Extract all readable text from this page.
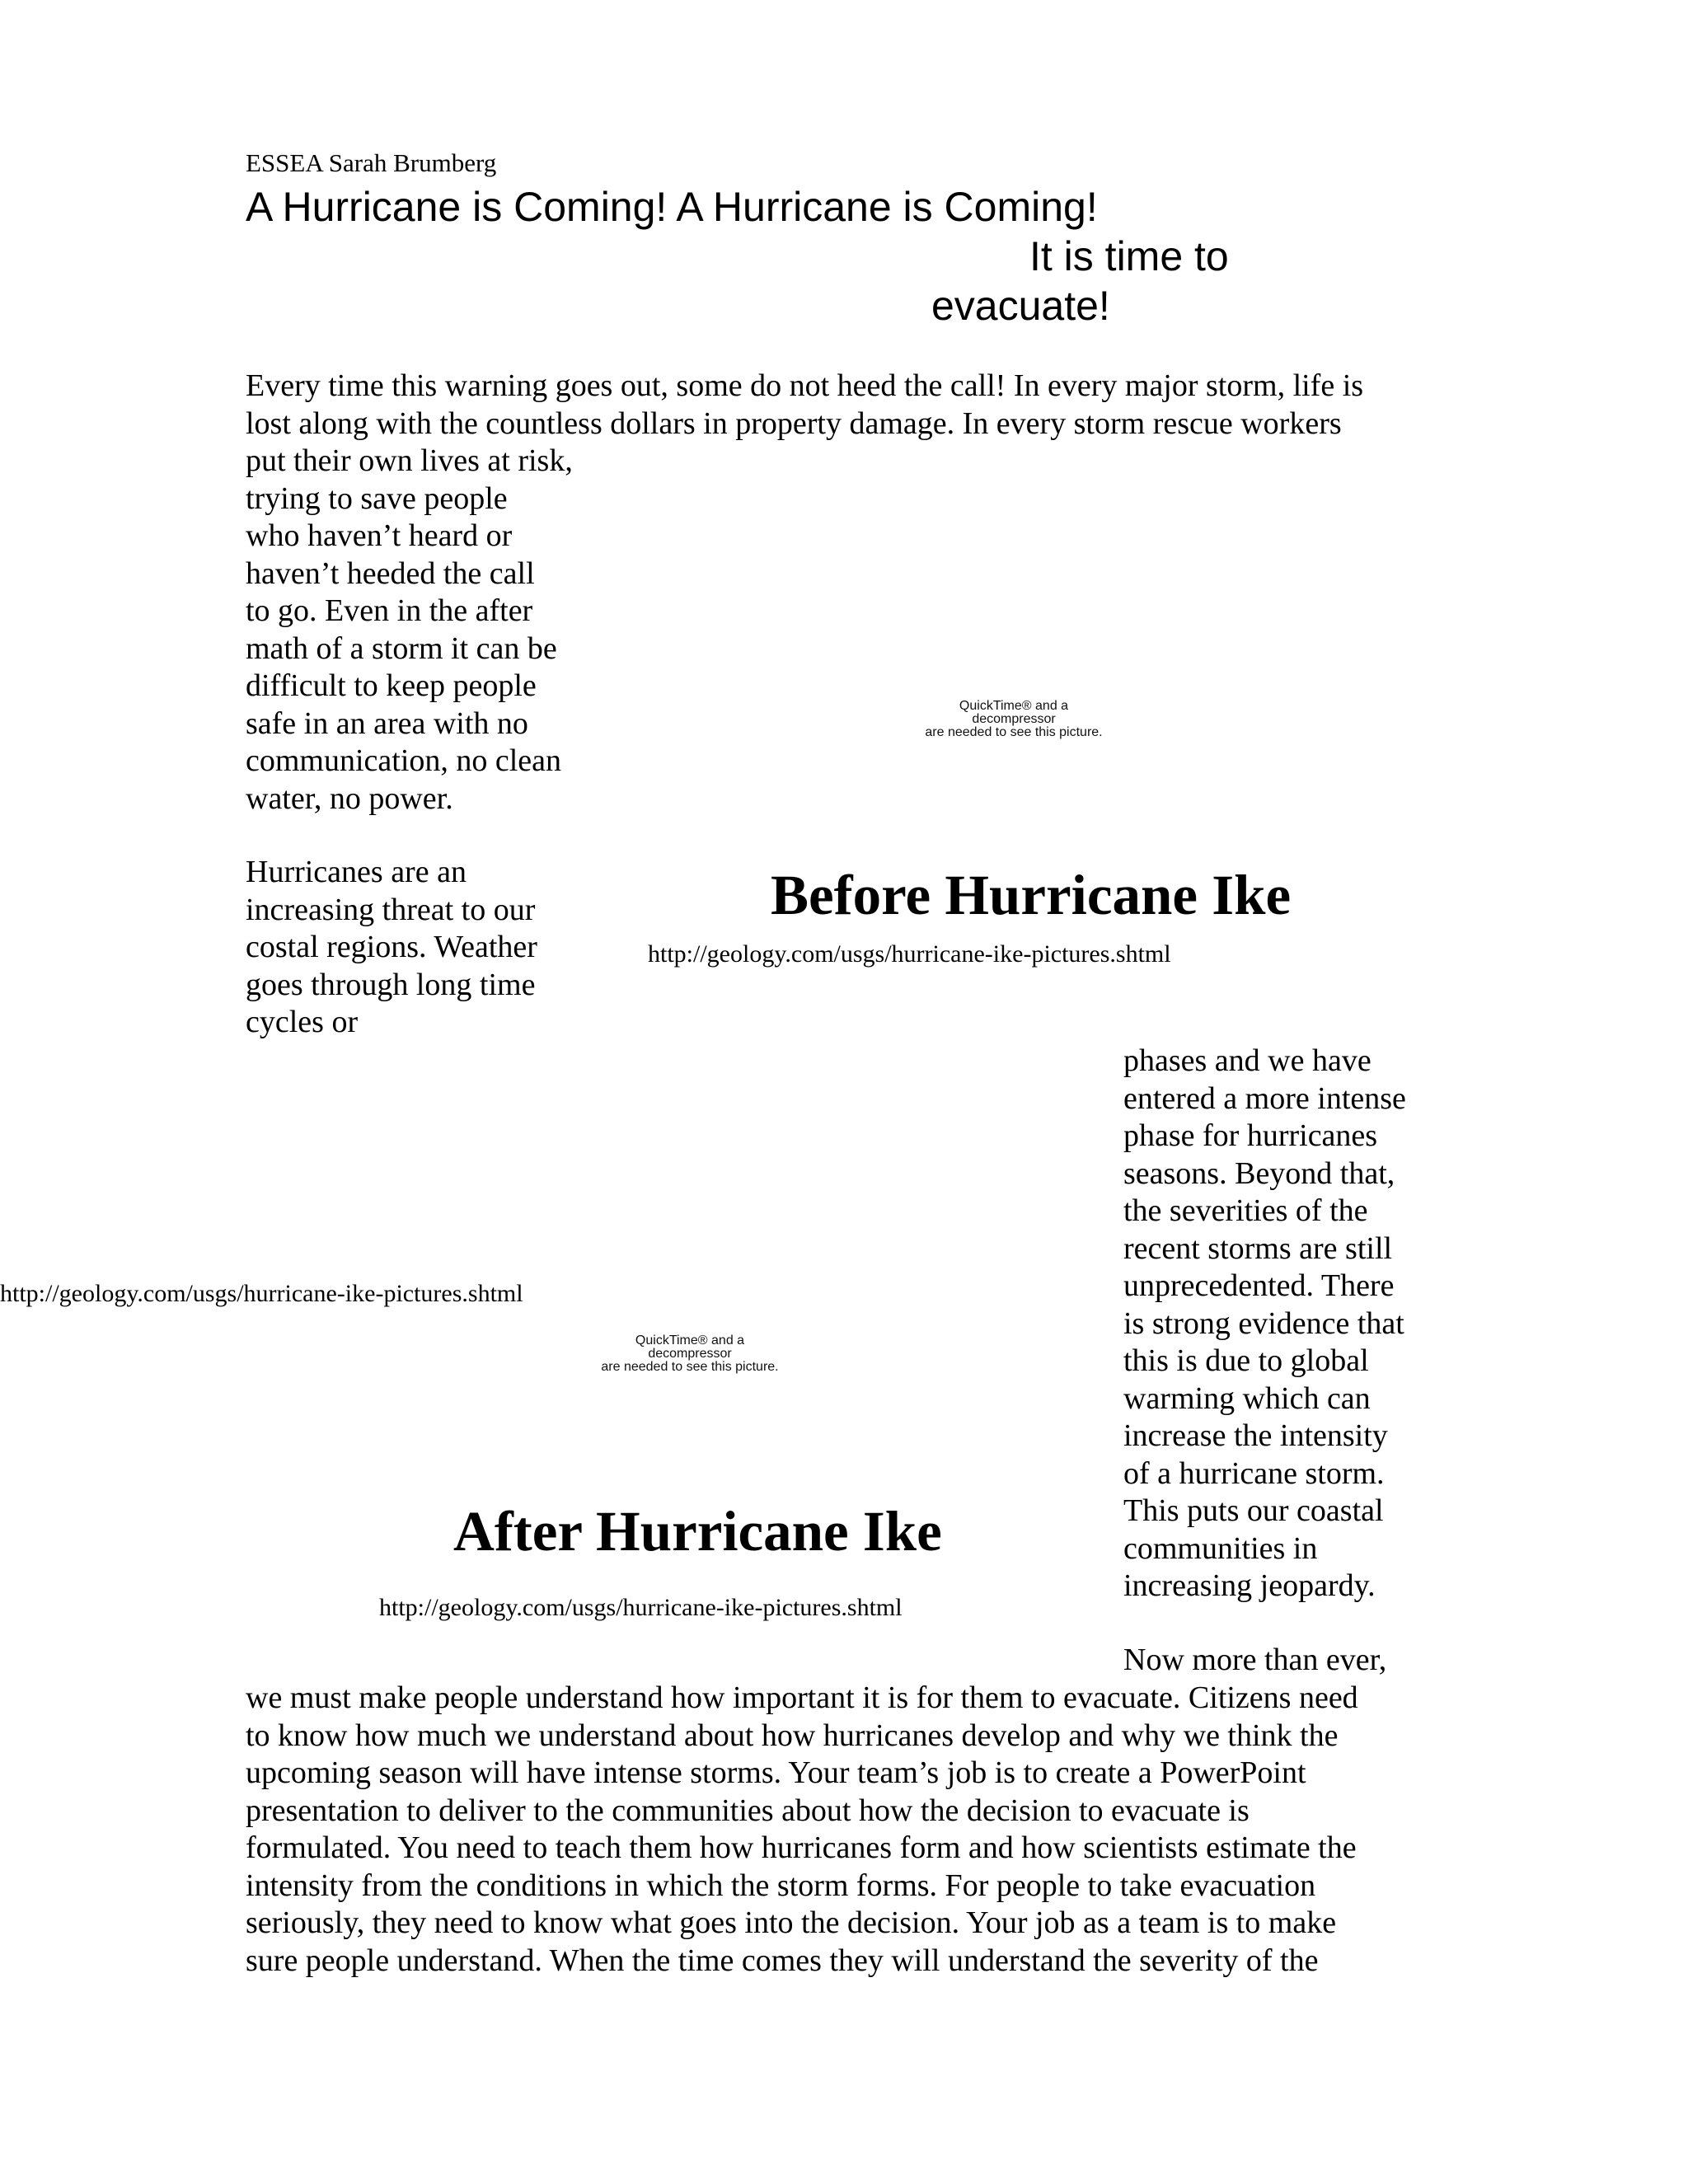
ESSEA Sarah Brumberg
A Hurricane is Coming! A Hurricane is Coming!
It is time to
evacuate!
Every time this warning goes out, some do not heed the call! In every major storm, life is
lost along with the countless dollars in property damage. In every storm rescue workers
put their own lives at risk,
trying to save people
who haven’t heard or
haven’t heeded the call
to go. Even in the after
math of a storm it can be
difficult to keep people
safe in an area with no
communication, no clean
water, no power.
Hurricanes are an
increasing threat to our
costal regions. Weather
goes through long time
cycles or
QuickTime® and a
decompressor
are needed to see this picture.
Before Hurricane Ike
http://geology.com/usgs/hurricane-ike-pictures.shtml
phases and we have
entered a more intense
phase for hurricanes
seasons. Beyond that,
the severities of the
recent storms are still
unprecedented. There
is strong evidence that
this is due to global
warming which can
increase the intensity
of a hurricane storm.
This puts our coastal
communities in
increasing jeopardy.
http://geology.com/usgs/hurricane-ike-pictures.shtml
QuickTime® and a
decompressor
are needed to see this picture.
After Hurricane Ike
http://geology.com/usgs/hurricane-ike-pictures.shtml
Now more than ever,
we must make people understand how important it is for them to evacuate. Citizens need
to know how much we understand about how hurricanes develop and why we think the
upcoming season will have intense storms. Your team’s job is to create a PowerPoint
presentation to deliver to the communities about how the decision to evacuate is
formulated. You need to teach them how hurricanes form and how scientists estimate the
intensity from the conditions in which the storm forms. For people to take evacuation
seriously, they need to know what goes into the decision. Your job as a team is to make
sure people understand. When the time comes they will understand the severity of the
